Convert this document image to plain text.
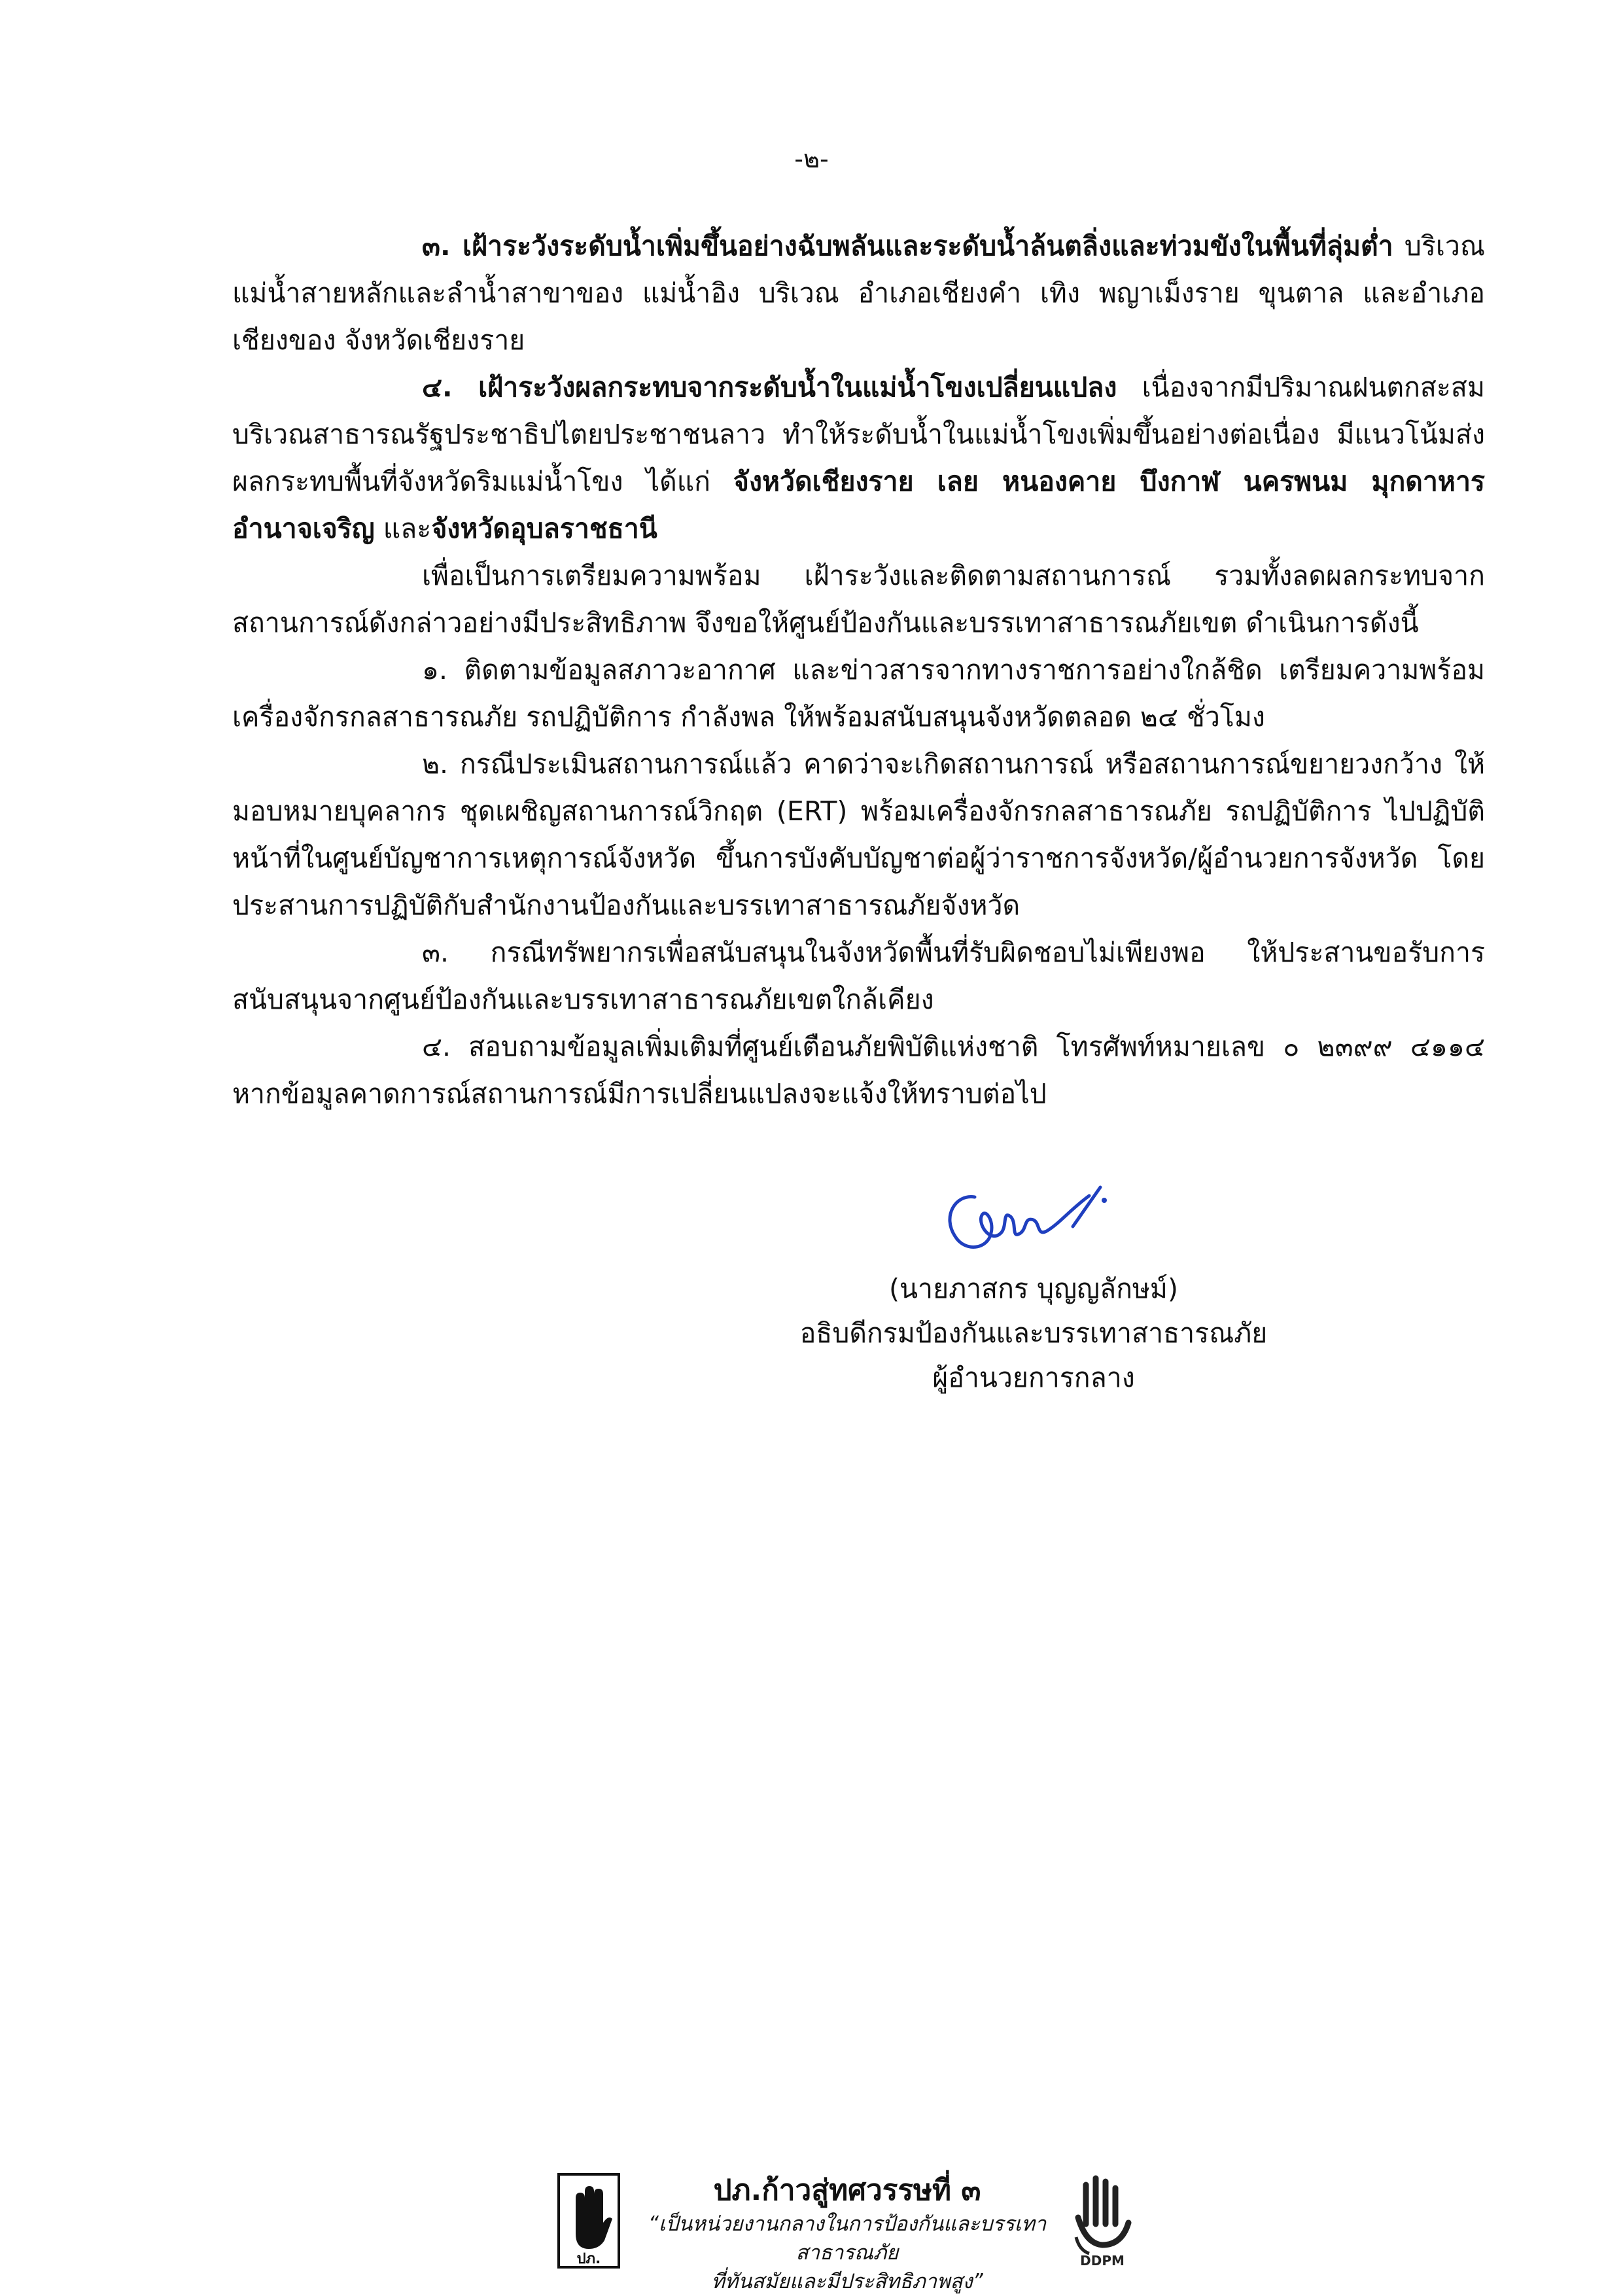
-๒-

๓. เฝ้าระวังระดับน้ำเพิ่มขึ้นอย่างฉับพลันและระดับน้ำล้นตลิ่งและท่วมขังในพื้นที่ลุ่มต่ำ บริเวณแม่น้ำสายหลักและลำน้ำสาขาของ แม่น้ำอิง บริเวณ อำเภอเชียงคำ เทิง พญาเม็งราย ขุนตาล และอำเภอเชียงของ จังหวัดเชียงราย

๔. เฝ้าระวังผลกระทบจากระดับน้ำในแม่น้ำโขงเปลี่ยนแปลง เนื่องจากมีปริมาณฝนตกสะสม บริเวณสาธารณรัฐประชาธิปไตยประชาชนลาว ทำให้ระดับน้ำในแม่น้ำโขงเพิ่มขึ้นอย่างต่อเนื่อง มีแนวโน้มส่งผลกระทบพื้นที่จังหวัดริมแม่น้ำโขง ได้แก่ จังหวัดเชียงราย เลย หนองคาย บึงกาฬ นครพนม มุกดาหาร อำนาจเจริญ และจังหวัดอุบลราชธานี

เพื่อเป็นการเตรียมความพร้อม เฝ้าระวังและติดตามสถานการณ์ รวมทั้งลดผลกระทบจากสถานการณ์ดังกล่าวอย่างมีประสิทธิภาพ จึงขอให้ศูนย์ป้องกันและบรรเทาสาธารณภัยเขต ดำเนินการดังนี้

๑. ติดตามข้อมูลสภาวะอากาศ และข่าวสารจากทางราชการอย่างใกล้ชิด เตรียมความพร้อมเครื่องจักรกลสาธารณภัย รถปฏิบัติการ กำลังพล ให้พร้อมสนับสนุนจังหวัดตลอด ๒๔ ชั่วโมง

๒. กรณีประเมินสถานการณ์แล้ว คาดว่าจะเกิดสถานการณ์ หรือสถานการณ์ขยายวงกว้าง ให้มอบหมายบุคลากร ชุดเผชิญสถานการณ์วิกฤต (ERT) พร้อมเครื่องจักรกลสาธารณภัย รถปฏิบัติการ ไปปฏิบัติหน้าที่ในศูนย์บัญชาการเหตุการณ์จังหวัด ขึ้นการบังคับบัญชาต่อผู้ว่าราชการจังหวัด/ผู้อำนวยการจังหวัด โดยประสานการปฏิบัติกับสำนักงานป้องกันและบรรเทาสาธารณภัยจังหวัด

๓. กรณีทรัพยากรเพื่อสนับสนุนในจังหวัดพื้นที่รับผิดชอบไม่เพียงพอ ให้ประสานขอรับการสนับสนุนจากศูนย์ป้องกันและบรรเทาสาธารณภัยเขตใกล้เคียง

๔. สอบถามข้อมูลเพิ่มเติมที่ศูนย์เตือนภัยพิบัติแห่งชาติ โทรศัพท์หมายเลข ๐ ๒๓๙๙ ๔๑๑๔ หากข้อมูลคาดการณ์สถานการณ์มีการเปลี่ยนแปลงจะแจ้งให้ทราบต่อไป

(นายภาสกร บุญญลักษม์)
อธิบดีกรมป้องกันและบรรเทาสาธารณภัย
ผู้อำนวยการกลาง
ปภ.
ปภ.ก้าวสู่ทศวรรษที่ ๓
“เป็นหน่วยงานกลางในการป้องกันและบรรเทาสาธารณภัย
ที่ทันสมัยและมีประสิทธิภาพสูง”
DDPM
